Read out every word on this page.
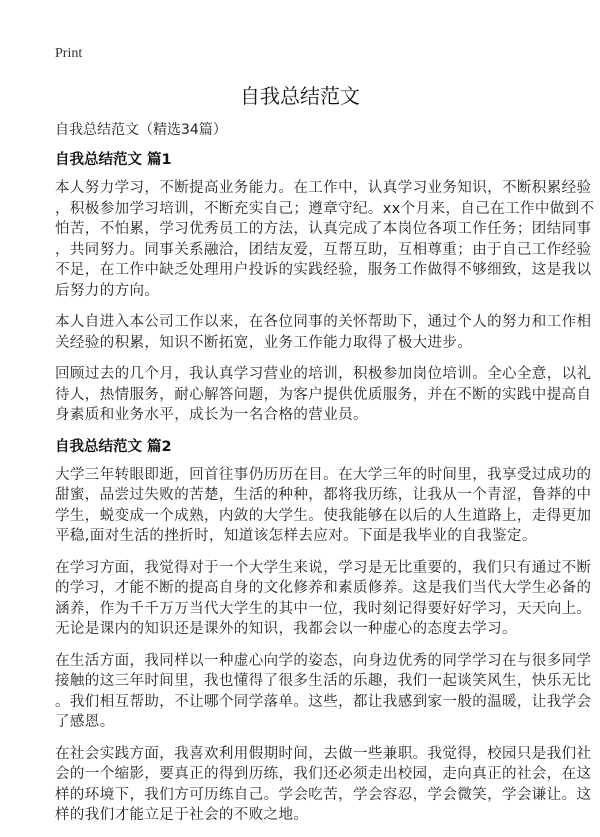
Print
自我总结范文
自我总结范文（精选34篇）
自我总结范文 篇1
本人努力学习，不断提高业务能力。在工作中，认真学习业务知识，不断积累经验
，积极参加学习培训，不断充实自己；遵章守纪。xx个月来，自己在工作中做到不
怕苦，不怕累，学习优秀员工的方法，认真完成了本岗位各项工作任务；团结同事
，共同努力。同事关系融洽，团结友爱，互帮互助，互相尊重；由于自己工作经验
不足，在工作中缺乏处理用户投诉的实践经验，服务工作做得不够细致，这是我以
后努力的方向。
本人自进入本公司工作以来，在各位同事的关怀帮助下，通过个人的努力和工作相
关经验的积累，知识不断拓宽，业务工作能力取得了极大进步。
回顾过去的几个月，我认真学习营业的培训，积极参加岗位培训。全心全意，以礼
待人，热情服务，耐心解答问题，为客户提供优质服务，并在不断的实践中提高自
身素质和业务水平，成长为一名合格的营业员。
自我总结范文 篇2
大学三年转眼即逝，回首往事仍历历在目。在大学三年的时间里，我享受过成功的
甜蜜，品尝过失败的苦楚，生活的种种，都将我历练，让我从一个青涩，鲁莽的中
学生，蜕变成一个成熟，内敛的大学生。使我能够在以后的人生道路上，走得更加
平稳,面对生活的挫折时，知道该怎样去应对。下面是我毕业的自我鉴定。
在学习方面，我觉得对于一个大学生来说，学习是无比重要的，我们只有通过不断
的学习，才能不断的提高自身的文化修养和素质修养。这是我们当代大学生必备的
涵养，作为千千万万当代大学生的其中一位，我时刻记得要好好学习，天天向上。
无论是课内的知识还是课外的知识，我都会以一种虚心的态度去学习。
在生活方面，我同样以一种虚心向学的姿态，向身边优秀的同学学习在与很多同学
接触的这三年时间里，我也懂得了很多生活的乐趣，我们一起谈笑风生，快乐无比
。我们相互帮助，不让哪个同学落单。这些，都让我感到家一般的温暖，让我学会
了感恩。
在社会实践方面，我喜欢利用假期时间，去做一些兼职。我觉得，校园只是我们社
会的一个缩影，要真正的得到历练，我们还必须走出校园，走向真正的社会，在这
样的环境下，我们方可历练自己。学会吃苦，学会容忍，学会微笑，学会谦让。这
样的我们才能立足于社会的不败之地。
